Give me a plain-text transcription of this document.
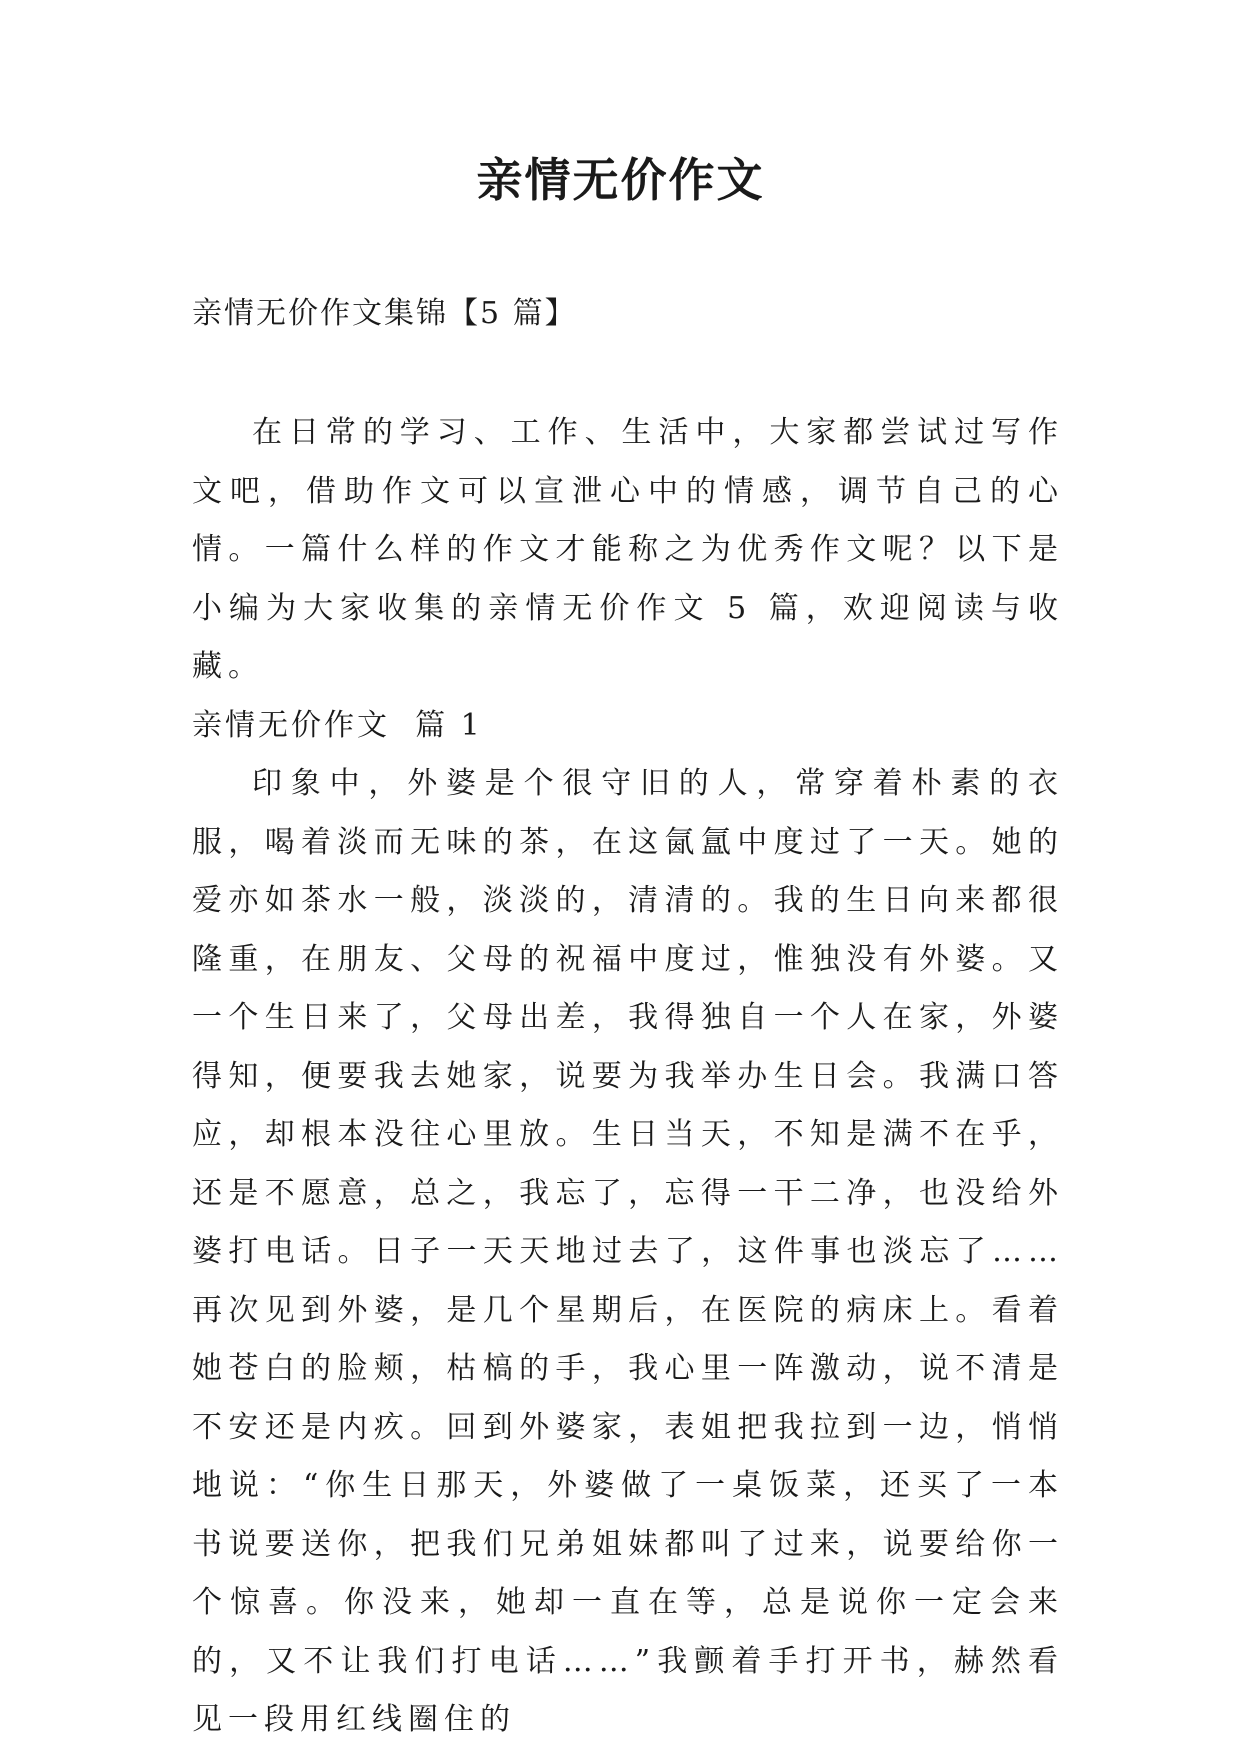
亲情无价作文

亲情无价作文集锦【5 篇】

在日常的学习、工作、生活中，大家都尝试过写作文吧，借助作文可以宣泄心中的情感，调节自己的心情。一篇什么样的作文才能称之为优秀作文呢？以下是小编为大家收集的亲情无价作文 5 篇，欢迎阅读与收藏。

亲情无价作文  篇 1

印象中，外婆是个很守旧的人，常穿着朴素的衣服，喝着淡而无味的茶，在这氤氲中度过了一天。她的爱亦如茶水一般，淡淡的，清清的。我的生日向来都很隆重，在朋友、父母的祝福中度过，惟独没有外婆。又一个生日来了，父母出差，我得独自一个人在家，外婆得知，便要我去她家，说要为我举办生日会。我满口答应，却根本没往心里放。生日当天，不知是满不在乎，还是不愿意，总之，我忘了，忘得一干二净，也没给外婆打电话。日子一天天地过去了，这件事也淡忘了……再次见到外婆，是几个星期后，在医院的病床上。看着她苍白的脸颊，枯槁的手，我心里一阵激动，说不清是不安还是内疚。回到外婆家，表姐把我拉到一边，悄悄地说：“你生日那天，外婆做了一桌饭菜，还买了一本书说要送你，把我们兄弟姐妹都叫了过来，说要给你一个惊喜。你没来，她却一直在等，总是说你一定会来的，又不让我们打电话……”我颤着手打开书，赫然看见一段用红线圈住的
